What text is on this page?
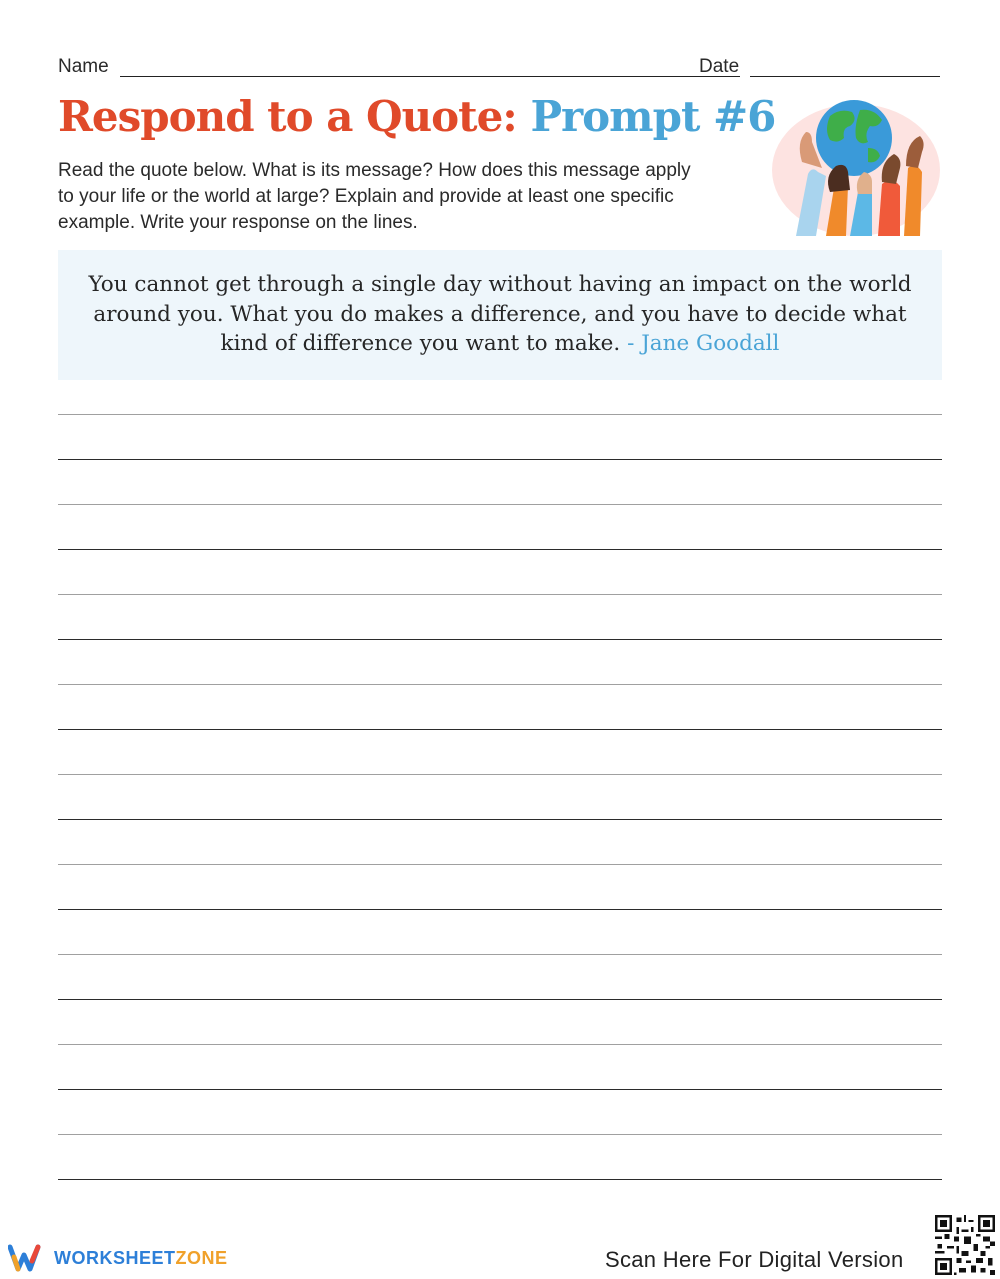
Name	Date
Respond to a Quote: Prompt #6
Read the quote below. What is its message? How does this message apply
to your life or the world at large? Explain and provide at least one specific
example. Write your response on the lines.
You cannot get through a single day without having an impact on the world
around you. What you do makes a difference, and you have to decide what
kind of difference you want to make. - Jane Goodall
WORKSHEETZONE	Scan Here For Digital Version
